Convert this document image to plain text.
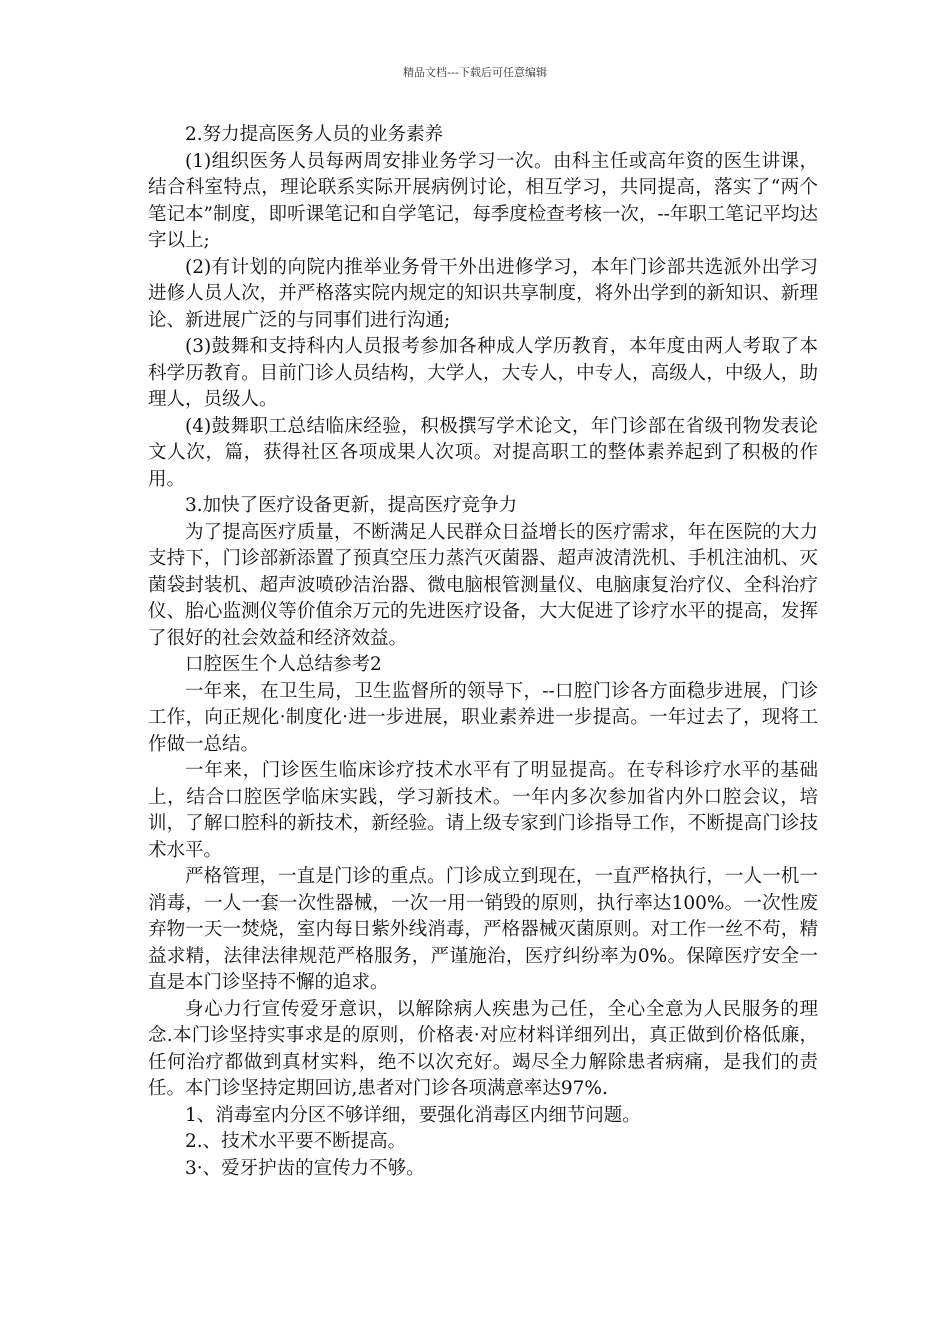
精品文档---下载后可任意编辑

2.努力提高医务人员的业务素养

(1)组织医务人员每两周安排业务学习一次。由科主任或高年资的医生讲课，结合科室特点，理论联系实际开展病例讨论，相互学习，共同提高，落实了“两个笔记本”制度，即听课笔记和自学笔记，每季度检查考核一次，--年职工笔记平均达字以上;

(2)有计划的向院内推举业务骨干外出进修学习，本年门诊部共选派外出学习进修人员人次，并严格落实院内规定的知识共享制度，将外出学到的新知识、新理论、新进展广泛的与同事们进行沟通;

(3)鼓舞和支持科内人员报考参加各种成人学历教育，本年度由两人考取了本科学历教育。目前门诊人员结构，大学人，大专人，中专人，高级人，中级人，助理人，员级人。

(4)鼓舞职工总结临床经验，积极撰写学术论文，年门诊部在省级刊物发表论文人次，篇，获得社区各项成果人次项。对提高职工的整体素养起到了积极的作用。

3.加快了医疗设备更新，提高医疗竞争力

为了提高医疗质量，不断满足人民群众日益增长的医疗需求，年在医院的大力支持下，门诊部新添置了预真空压力蒸汽灭菌器、超声波清洗机、手机注油机、灭菌袋封装机、超声波喷砂洁治器、微电脑根管测量仪、电脑康复治疗仪、全科治疗仪、胎心监测仪等价值余万元的先进医疗设备，大大促进了诊疗水平的提高，发挥了很好的社会效益和经济效益。

口腔医生个人总结参考2

一年来，在卫生局，卫生监督所的领导下，--口腔门诊各方面稳步进展，门诊工作，向正规化·制度化·进一步进展，职业素养进一步提高。一年过去了，现将工作做一总结。

一年来，门诊医生临床诊疗技术水平有了明显提高。在专科诊疗水平的基础上，结合口腔医学临床实践，学习新技术。一年内多次参加省内外口腔会议，培训，了解口腔科的新技术，新经验。请上级专家到门诊指导工作，不断提高门诊技术水平。

严格管理，一直是门诊的重点。门诊成立到现在，一直严格执行，一人一机一消毒，一人一套一次性器械，一次一用一销毁的原则，执行率达100%。一次性废弃物一天一焚烧，室内每日紫外线消毒，严格器械灭菌原则。对工作一丝不苟，精益求精，法律法律规范严格服务，严谨施治，医疗纠纷率为0%。保障医疗安全一直是本门诊坚持不懈的追求。

身心力行宣传爱牙意识，以解除病人疾患为己任，全心全意为人民服务的理念.本门诊坚持实事求是的原则，价格表·对应材料详细列出，真正做到价格低廉，任何治疗都做到真材实料，绝不以次充好。竭尽全力解除患者病痛，是我们的责任。本门诊坚持定期回访,患者对门诊各项满意率达97%.

1、消毒室内分区不够详细，要强化消毒区内细节问题。

2.、技术水平要不断提高。

3·、爱牙护齿的宣传力不够。
